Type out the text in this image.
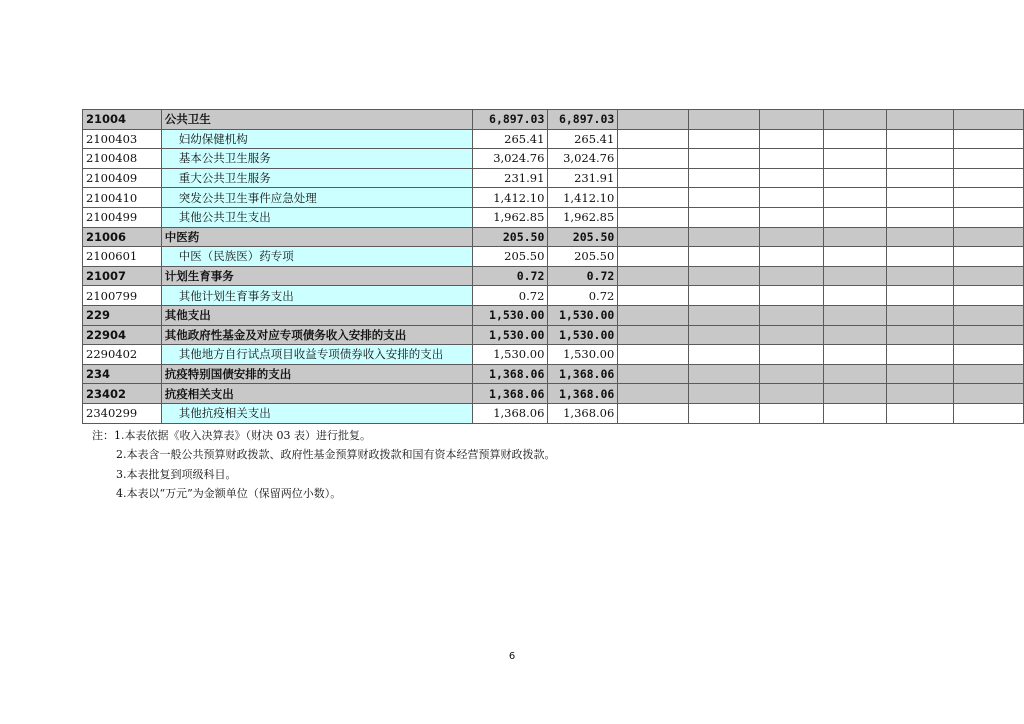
21004	公共卫生	6,897.03	6,897.03						
2100403	妇幼保健机构	265.41	265.41						
2100408	基本公共卫生服务	3,024.76	3,024.76						
2100409	重大公共卫生服务	231.91	231.91						
2100410	突发公共卫生事件应急处理	1,412.10	1,412.10						
2100499	其他公共卫生支出	1,962.85	1,962.85						
21006	中医药	205.50	205.50						
2100601	中医（民族医）药专项	205.50	205.50						
21007	计划生育事务	0.72	0.72						
2100799	其他计划生育事务支出	0.72	0.72						
229	其他支出	1,530.00	1,530.00						
22904	其他政府性基金及对应专项债务收入安排的支出	1,530.00	1,530.00						
2290402	其他地方自行试点项目收益专项债券收入安排的支出	1,530.00	1,530.00						
234	抗疫特别国债安排的支出	1,368.06	1,368.06						
23402	抗疫相关支出	1,368.06	1,368.06						
2340299	其他抗疫相关支出	1,368.06	1,368.06						
注：1.本表依据《收入决算表》（财决 03 表）进行批复。
2.本表含一般公共预算财政拨款、政府性基金预算财政拨款和国有资本经营预算财政拨款。
3.本表批复到项级科目。
4.本表以“万元”为金额单位（保留两位小数）。
6
